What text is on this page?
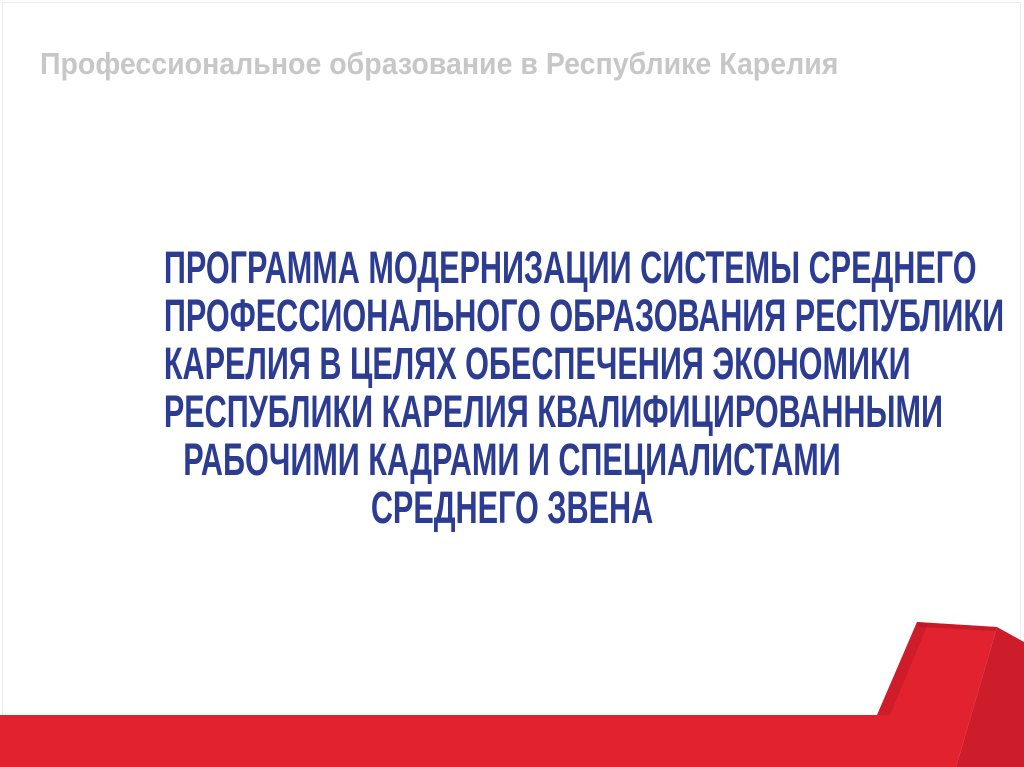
Профессиональное образование в Республике Карелия
ПРОГРАММА МОДЕРНИЗАЦИИ СИСТЕМЫ СРЕДНЕГО
ПРОФЕССИОНАЛЬНОГО ОБРАЗОВАНИЯ РЕСПУБЛИКИ
КАРЕЛИЯ В ЦЕЛЯХ ОБЕСПЕЧЕНИЯ ЭКОНОМИКИ
РЕСПУБЛИКИ КАРЕЛИЯ КВАЛИФИЦИРОВАННЫМИ
РАБОЧИМИ КАДРАМИ И СПЕЦИАЛИСТАМИ
СРЕДНЕГО ЗВЕНА
